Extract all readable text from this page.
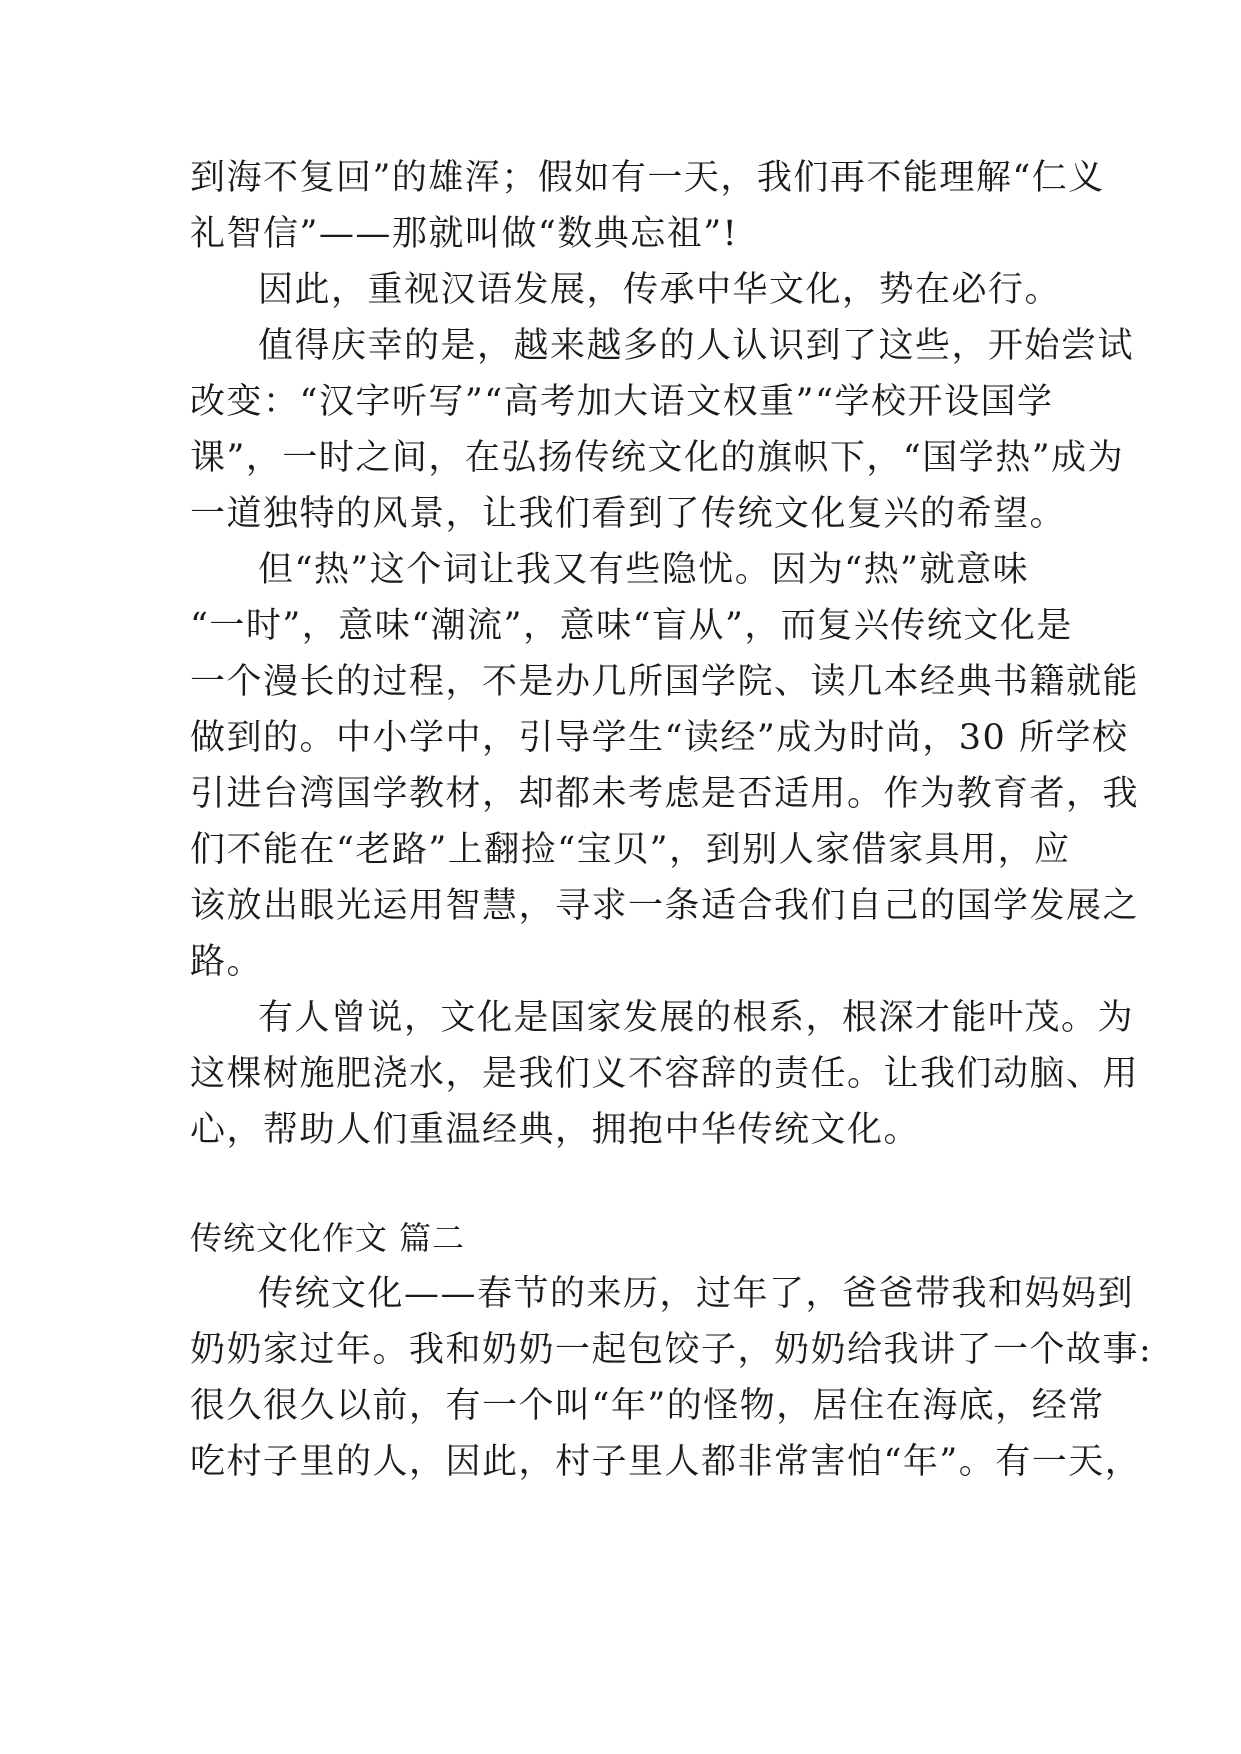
到海不复回”的雄浑；假如有一天，我们再不能理解“仁义
礼智信”——那就叫做“数典忘祖”!
因此，重视汉语发展，传承中华文化，势在必行。
值得庆幸的是，越来越多的人认识到了这些，开始尝试
改变：“汉字听写”“高考加大语文权重”“学校开设国学
课”，一时之间，在弘扬传统文化的旗帜下，“国学热”成为
一道独特的风景，让我们看到了传统文化复兴的希望。
但“热”这个词让我又有些隐忧。因为“热”就意味
“一时”，意味“潮流”，意味“盲从”，而复兴传统文化是
一个漫长的过程，不是办几所国学院、读几本经典书籍就能
做到的。中小学中，引导学生“读经”成为时尚，30 所学校
引进台湾国学教材，却都未考虑是否适用。作为教育者，我
们不能在“老路”上翻捡“宝贝”，到别人家借家具用，应
该放出眼光运用智慧，寻求一条适合我们自己的国学发展之
路。
有人曾说，文化是国家发展的根系，根深才能叶茂。为
这棵树施肥浇水，是我们义不容辞的责任。让我们动脑、用
心，帮助人们重温经典，拥抱中华传统文化。
传统文化作文 篇二
传统文化——春节的来历，过年了，爸爸带我和妈妈到
奶奶家过年。我和奶奶一起包饺子，奶奶给我讲了一个故事:
很久很久以前，有一个叫“年”的怪物，居住在海底，经常
吃村子里的人，因此，村子里人都非常害怕“年”。有一天，
